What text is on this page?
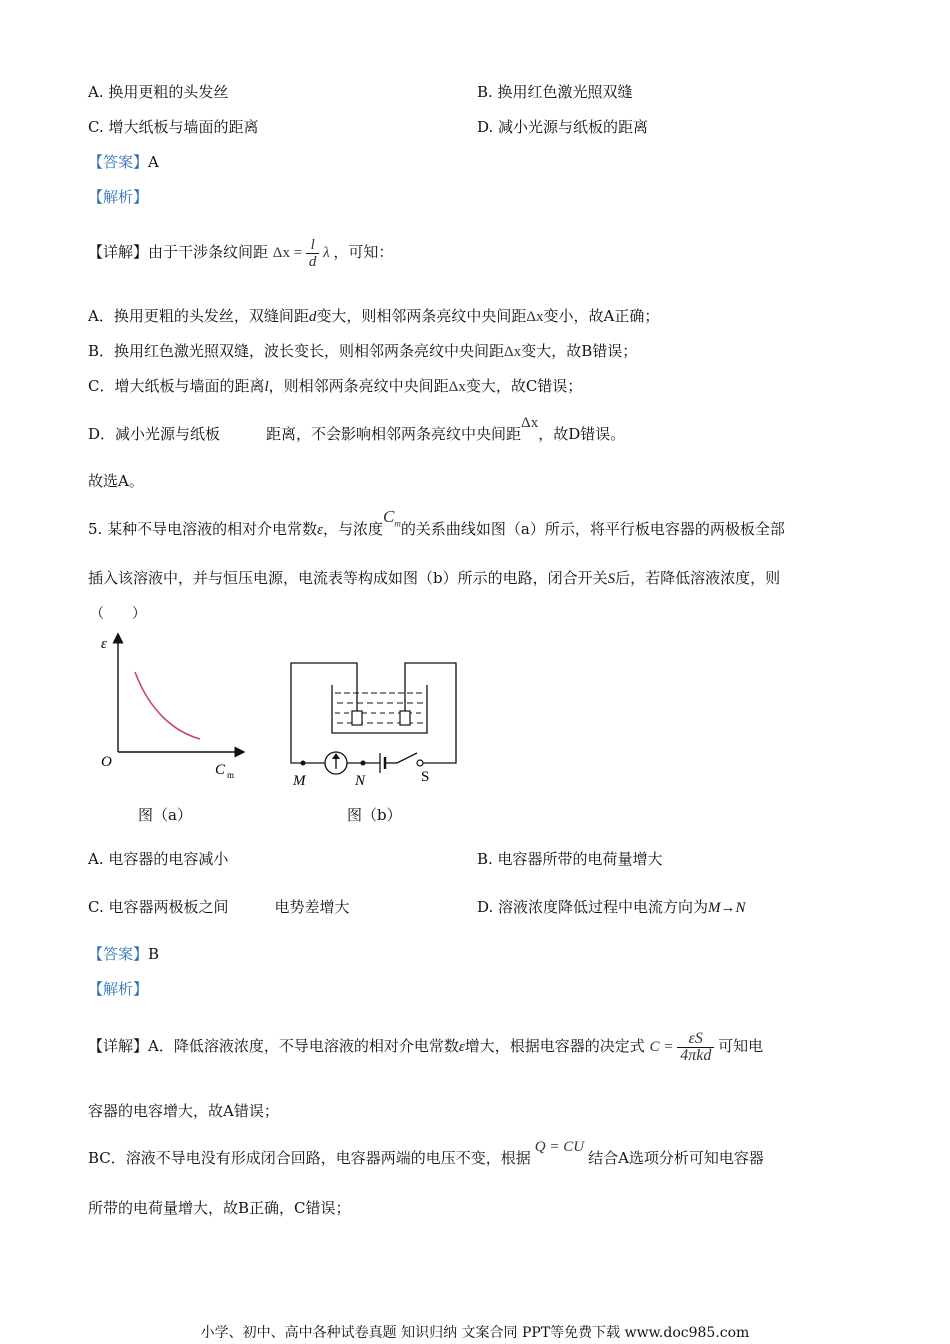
A. 换用更粗的头发丝	B. 换用红色激光照双缝
C. 增大纸板与墙面的距离	D. 减小光源与纸板的距离
【答案】A
【解析】
【详解】由于干涉条纹间距 $\Delta x = \frac{l}{d}$ λ ，可知：
A．换用更粗的头发丝，双缝间距d变大，则相邻两条亮纹中央间距Δx变小，故A正确；
B．换用红色激光照双缝，波长变长，则相邻两条亮纹中央间距Δx变大，故B错误；
C．增大纸板与墙面的距离l，则相邻两条亮纹中央间距Δx变大，故C错误；
D．减小光源与纸板	距离，不会影响相邻两条亮纹中央间距Δx，故D错误。
故选A。
5. 某种不导电溶液的相对介电常数ε，与浓度$C_m$的关系曲线如图（a）所示，将平行板电容器的两极板全部
插入该溶液中，并与恒压电源，电流表等构成如图（b）所示的电路，闭合开关S后，若降低溶液浓度，则
（　　）
ε
O	C m
图（a）
M	N	S
图（b）
A. 电容器的电容减小	B. 电容器所带的电荷量增大
C. 电容器两极板之间	电势差增大	D. 溶液浓度降低过程中电流方向为M→N
【答案】B
【解析】
【详解】A．降低溶液浓度，不导电溶液的相对介电常数ε增大，根据电容器的决定式 $C = \frac{\varepsilon S}{\text{4πkd}}$ 可知电
容器的电容增大，故A错误；
BC．溶液不导电没有形成闭合回路，电容器两端的电压不变，根据Q = CU结合A选项分析可知电容器
所带的电荷量增大，故B正确，C错误；
小学、初中、高中各种试卷真题 知识归纳 文案合同 PPT等免费下载 www.doc985.com
